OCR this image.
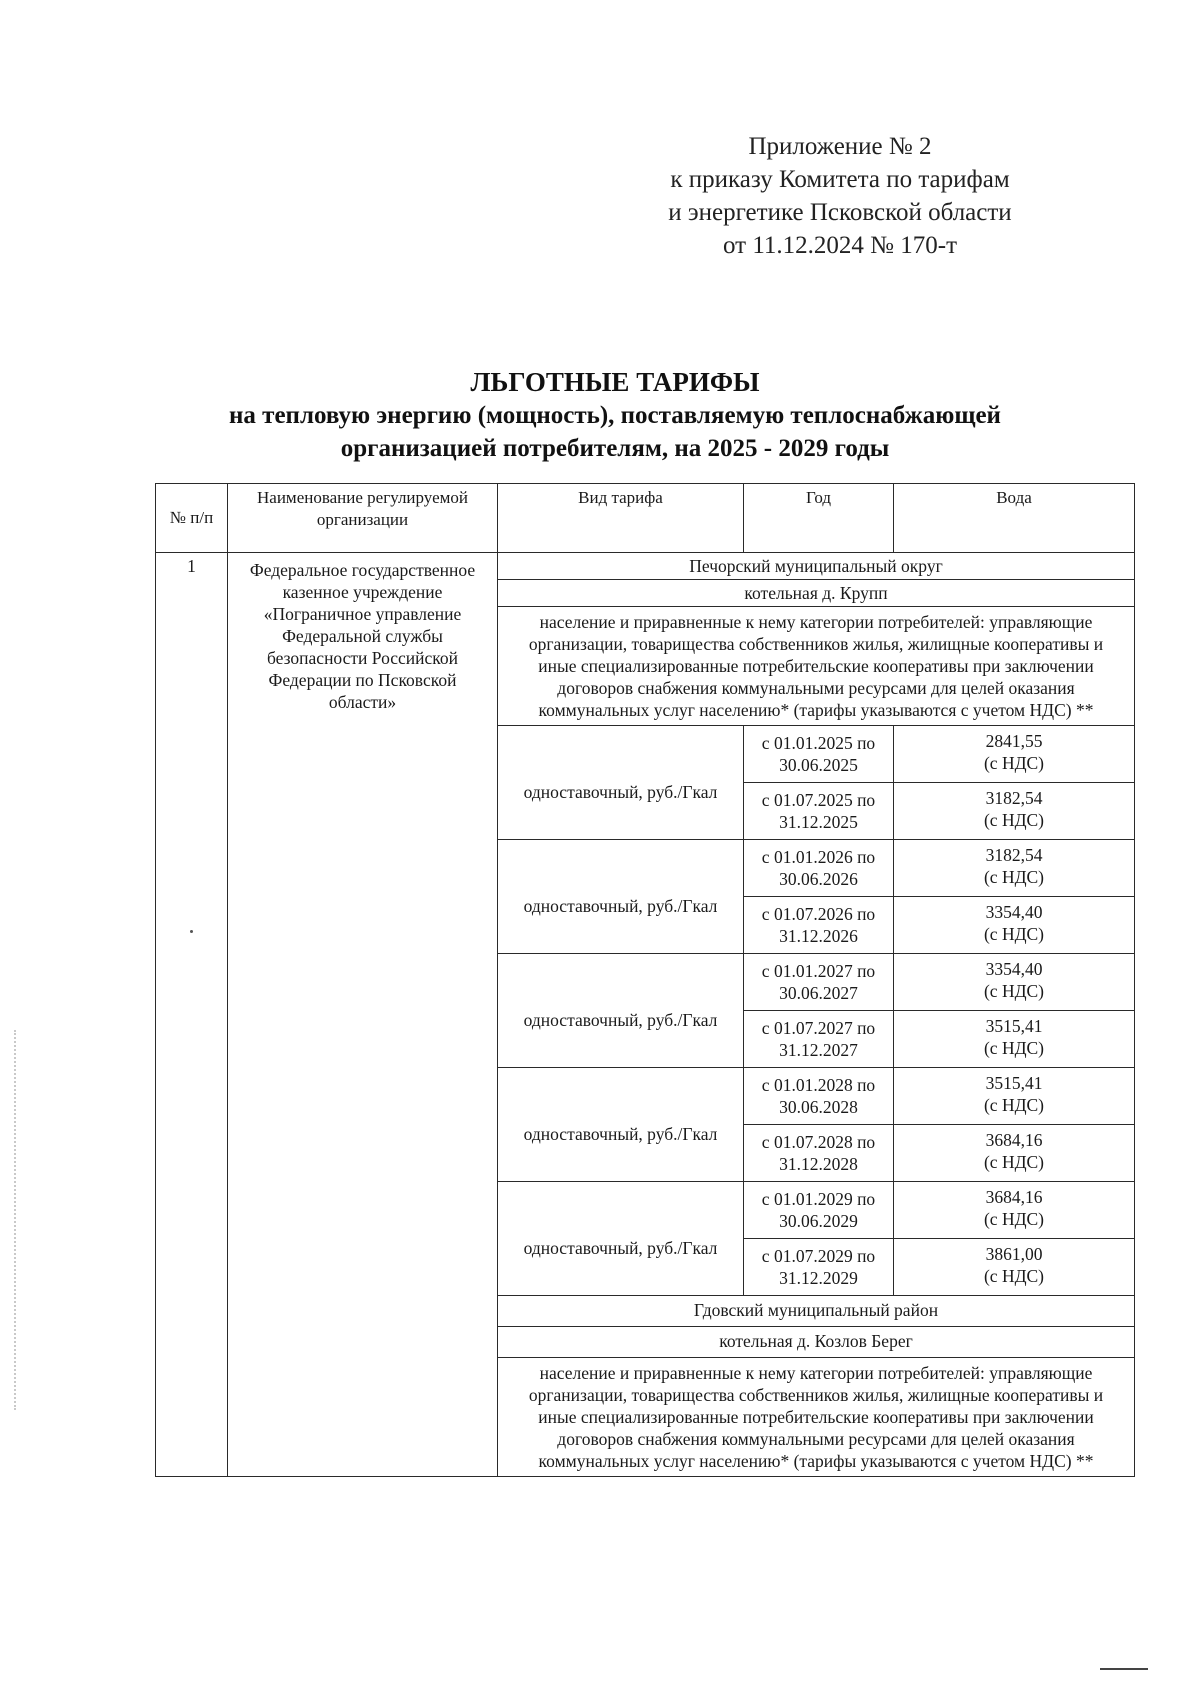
Приложение № 2
к приказу Комитета по тарифам
и энергетике Псковской области
от 11.12.2024 № 170-т
ЛЬГОТНЫЕ ТАРИФЫ
на тепловую энергию (мощность), поставляемую теплоснабжающей
организацией потребителям, на 2025 - 2029 годы
№ п/п	Наименование регулируемой организации	Вид тарифа	Год	Вода
1	Федеральное государственное казенное учреждение «Пограничное управление Федеральной службы безопасности Российской Федерации по Псковской области»	Печорский муниципальный округ		
		котельная д. Крупп		
		население и приравненные к нему категории потребителей: управляющие организации, товарищества собственников жилья, жилищные кооперативы и иные специализированные потребительские кооперативы при заключении договоров снабжения коммунальными ресурсами для целей оказания коммунальных услуг населению* (тарифы указываются с учетом НДС) **		
		одноставочный, руб./Гкал	с 01.01.2025 по 30.06.2025	2841,55
(с НДС)

			с 01.07.2025 по 31.12.2025	3182,54
(с НДС)

		одноставочный, руб./Гкал	с 01.01.2026 по 30.06.2026	3182,54
(с НДС)

			с 01.07.2026 по 31.12.2026	3354,40
(с НДС)

		одноставочный, руб./Гкал	с 01.01.2027 по 30.06.2027	3354,40
(с НДС)

			с 01.07.2027 по 31.12.2027	3515,41
(с НДС)

		одноставочный, руб./Гкал	с 01.01.2028 по 30.06.2028	3515,41
(с НДС)

			с 01.07.2028 по 31.12.2028	3684,16
(с НДС)

		одноставочный, руб./Гкал	с 01.01.2029 по 30.06.2029	3684,16
(с НДС)

			с 01.07.2029 по 31.12.2029	3861,00
(с НДС)

		Гдовский муниципальный район		
		котельная д. Козлов Берег		
		население и приравненные к нему категории потребителей: управляющие организации, товарищества собственников жилья, жилищные кооперативы и иные специализированные потребительские кооперативы при заключении договоров снабжения коммунальными ресурсами для целей оказания коммунальных услуг населению* (тарифы указываются с учетом НДС) **		
